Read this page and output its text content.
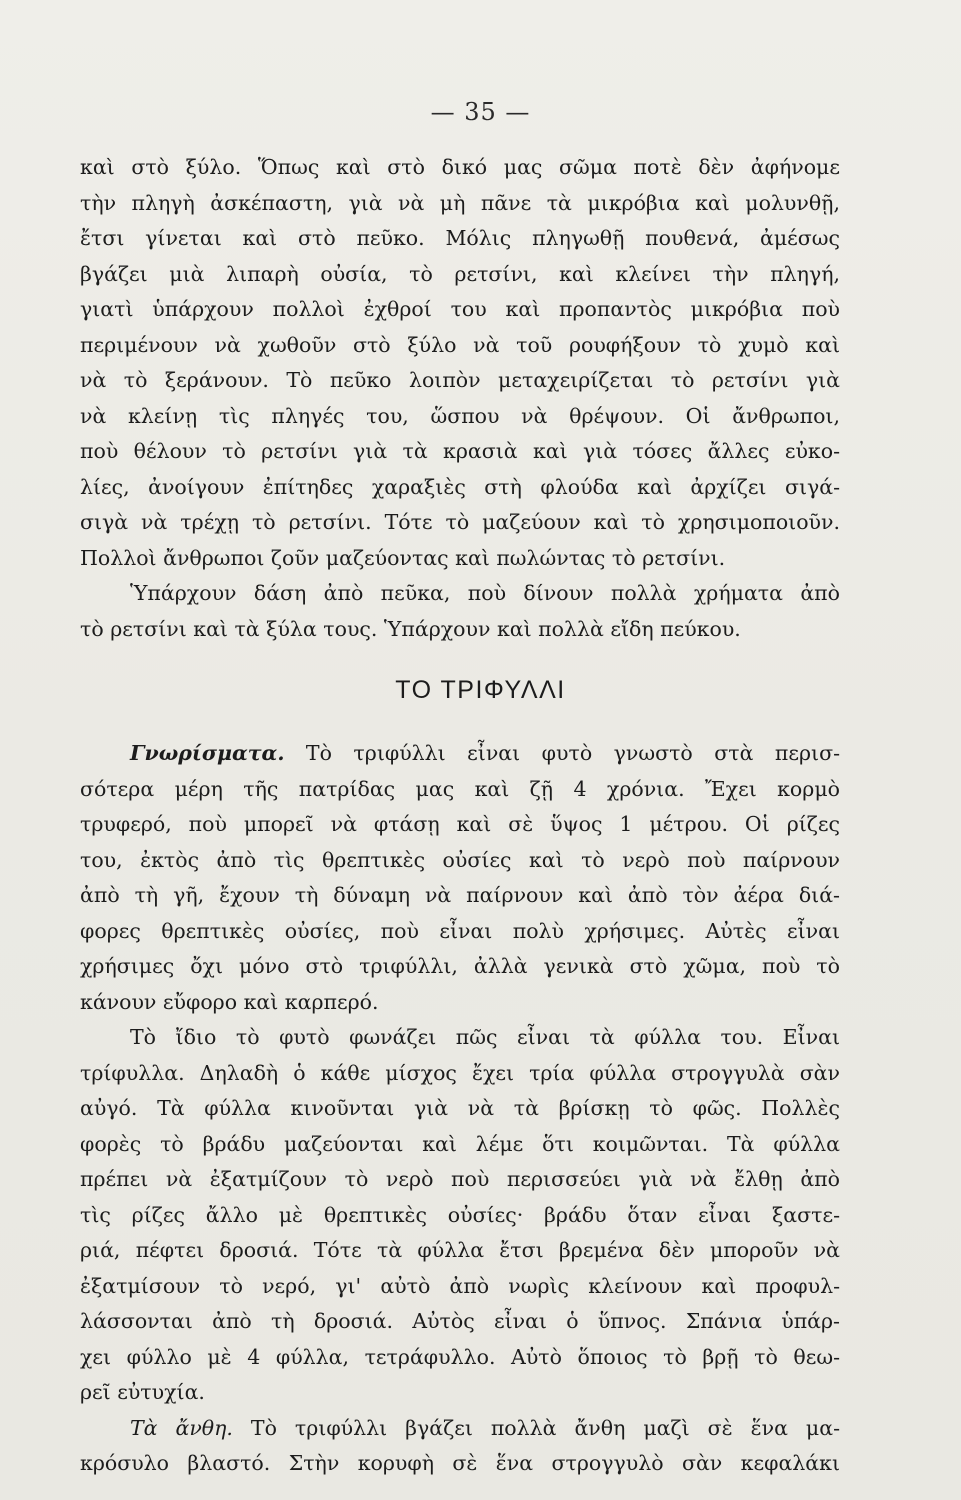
— 35 —
καὶ στὸ ξύλο. Ὅπως καὶ στὸ δικό μας σῶμα ποτὲ δὲν ἀφήνομε
τὴν πληγὴ ἀσκέπαστη, γιὰ νὰ μὴ πᾶνε τὰ μικρόβια καὶ μολυνθῇ,
ἔτσι γίνεται καὶ στὸ πεῦκο. Μόλις πληγωθῇ πουθενά, ἀμέσως
βγάζει μιὰ λιπαρὴ οὐσία, τὸ ρετσίνι, καὶ κλείνει τὴν πληγή,
γιατὶ ὑπάρχουν πολλοὶ ἐχθροί του καὶ προπαντὸς μικρόβια ποὺ
περιμένουν νὰ χωθοῦν στὸ ξύλο νὰ τοῦ ρουφήξουν τὸ χυμὸ καὶ
νὰ τὸ ξεράνουν. Τὸ πεῦκο λοιπὸν μεταχειρίζεται τὸ ρετσίνι γιὰ
νὰ κλείνῃ τὶς πληγές του, ὥσπου νὰ θρέψουν. Οἱ ἄνθρωποι,
ποὺ θέλουν τὸ ρετσίνι γιὰ τὰ κρασιὰ καὶ γιὰ τόσες ἄλλες εὐκο-
λίες, ἀνοίγουν ἐπίτηδες χαραξιὲς στὴ φλούδα καὶ ἀρχίζει σιγά-
σιγὰ νὰ τρέχῃ τὸ ρετσίνι. Τότε τὸ μαζεύουν καὶ τὸ χρησιμοποιοῦν.
Πολλοὶ ἄνθρωποι ζοῦν μαζεύοντας καὶ πωλώντας τὸ ρετσίνι.
Ὑπάρχουν δάση ἀπὸ πεῦκα, ποὺ δίνουν πολλὰ χρήματα ἀπὸ
τὸ ρετσίνι καὶ τὰ ξύλα τους. Ὑπάρχουν καὶ πολλὰ εἴδη πεύκου.
ΤΟ ΤΡΙΦΥΛΛΙ
Γνωρίσματα. Τὸ τριφύλλι εἶναι φυτὸ γνωστὸ στὰ περισ-
σότερα μέρη τῆς πατρίδας μας καὶ ζῇ 4 χρόνια. Ἔχει κορμὸ
τρυφερό, ποὺ μπορεῖ νὰ φτάσῃ καὶ σὲ ὕψος 1 μέτρου. Οἱ ρίζες
του, ἐκτὸς ἀπὸ τὶς θρεπτικὲς οὐσίες καὶ τὸ νερὸ ποὺ παίρνουν
ἀπὸ τὴ γῆ, ἔχουν τὴ δύναμη νὰ παίρνουν καὶ ἀπὸ τὸν ἀέρα διά-
φορες θρεπτικὲς οὐσίες, ποὺ εἶναι πολὺ χρήσιμες. Αὐτὲς εἶναι
χρήσιμες ὄχι μόνο στὸ τριφύλλι, ἀλλὰ γενικὰ στὸ χῶμα, ποὺ τὸ
κάνουν εὔφορο καὶ καρπερό.
Τὸ ἴδιο τὸ φυτὸ φωνάζει πῶς εἶναι τὰ φύλλα του. Εἶναι
τρίφυλλα. Δηλαδὴ ὁ κάθε μίσχος ἔχει τρία φύλλα στρογγυλὰ σὰν
αὐγό. Τὰ φύλλα κινοῦνται γιὰ νὰ τὰ βρίσκῃ τὸ φῶς. Πολλὲς
φορὲς τὸ βράδυ μαζεύονται καὶ λέμε ὅτι κοιμῶνται. Τὰ φύλλα
πρέπει νὰ ἐξατμίζουν τὸ νερὸ ποὺ περισσεύει γιὰ νὰ ἔλθῃ ἀπὸ
τὶς ρίζες ἄλλο μὲ θρεπτικὲς οὐσίες· βράδυ ὅταν εἶναι ξαστε-
ριά, πέφτει δροσιά. Τότε τὰ φύλλα ἔτσι βρεμένα δὲν μποροῦν νὰ
ἐξατμίσουν τὸ νερό, γι' αὐτὸ ἀπὸ νωρὶς κλείνουν καὶ προφυλ-
λάσσονται ἀπὸ τὴ δροσιά. Αὐτὸς εἶναι ὁ ὕπνος. Σπάνια ὑπάρ-
χει φύλλο μὲ 4 φύλλα, τετράφυλλο. Αὐτὸ ὅποιος τὸ βρῇ τὸ θεω-
ρεῖ εὐτυχία.
Τὰ ἄνθη. Τὸ τριφύλλι βγάζει πολλὰ ἄνθη μαζὶ σὲ ἕνα μα-
κρόσυλο βλαστό. Στὴν κορυφὴ σὲ ἕνα στρογγυλὸ σὰν κεφαλάκι
